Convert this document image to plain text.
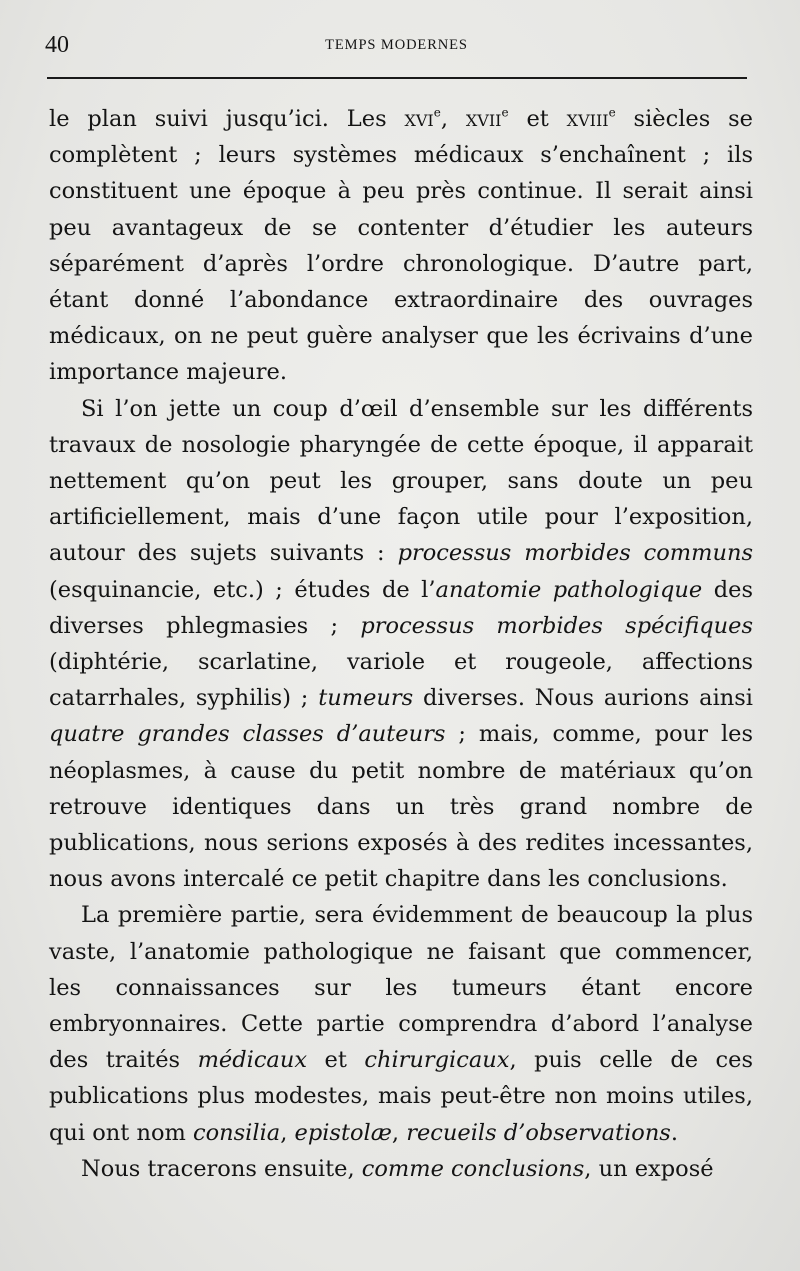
40	TEMPS MODERNES

le plan suivi jusqu’ici. Les xvi$^e$, xvii$^e$ et xviii$^e$ siècles se complètent ; leurs systèmes médicaux s’enchaînent ; ils constituent une époque à peu près continue. Il serait ainsi peu avantageux de se contenter d’étudier les auteurs séparément d’après l’ordre chronologique. D’autre part, étant donné l’abondance extraordinaire des ouvrages médicaux, on ne peut guère analyser que les écrivains d’une importance majeure.

Si l’on jette un coup d’œil d’ensemble sur les différents travaux de nosologie pharyngée de cette époque, il apparait nettement qu’on peut les grouper, sans doute un peu artificiellement, mais d’une façon utile pour l’exposition, autour des sujets suivants : processus morbides communs (esquinancie, etc.) ; études de l’anatomie pathologique des diverses phlegmasies ; processus morbides spécifiques (diphtérie, scarlatine, variole et rougeole, affections catarrhales, syphilis) ; tumeurs diverses. Nous aurions ainsi quatre grandes classes d’auteurs ; mais, comme, pour les néoplasmes, à cause du petit nombre de matériaux qu’on retrouve identiques dans un très grand nombre de publications, nous serions exposés à des redites incessantes, nous avons intercalé ce petit chapitre dans les conclusions.

La première partie, sera évidemment de beaucoup la plus vaste, l’anatomie pathologique ne faisant que commencer, les connaissances sur les tumeurs étant encore embryonnaires. Cette partie comprendra d’abord l’analyse des traités médicaux et chirurgicaux, puis celle de ces publications plus modestes, mais peut-être non moins utiles, qui ont nom consilia, epistolæ, recueils d’observations.

Nous tracerons ensuite, comme conclusions, un exposé
